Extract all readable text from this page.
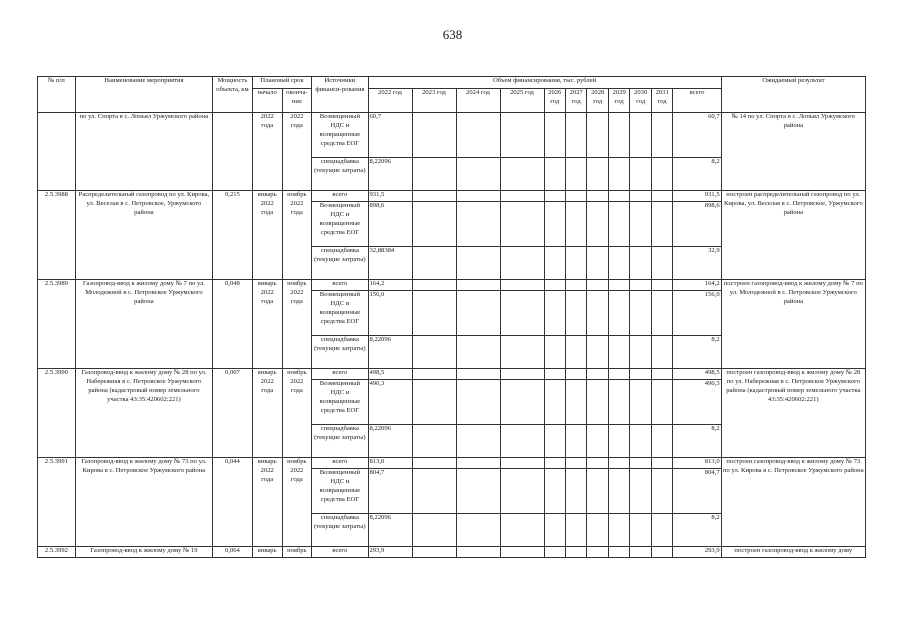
638
№ п/п	Наименование мероприятия	Мощность объекта, км	Плановый срок		Источники финанси-рования	Объем финансирования, тыс. рублей											Ожидаемый результат
			начало	оконча-ние		2022 год	2023 год	2024 год	2025 год	2026 год	2027 год	2028 год	2029 год	2030 год	2031 год	всего	
	по ул. Спорта в с. Лопьял Уржумского района		2022 года	2022 года	Возмещенный НДС и возвращенные средства ЕОГ	60,7										60,7	№ 14 по ул. Спорта в с. Лопьял Уржумского района
					спецнадбавка (текущие затраты)	8,22096										8,2	
2.5.3988	Распределительный газопровод по ул. Кирова, ул. Веселая в с. Петровское, Уржумского района	0,215	январь 2022 года	ноябрь 2022 года	всего	931,5										931,5	построен распределительный газопровод по ул. Кирова, ул. Веселая в с. Петровское, Уржумского района
					Возмещенный НДС и возвращенные средства ЕОГ	898,6										898,6	
					спецнадбавка (текущие затраты)	32,88384										32,9	
2.5.3989	Газопровод-ввод к жилому дому № 7 по ул. Молодежной в с. Петровское Уржумского района	0,048	январь 2022 года	ноябрь 2022 года	всего	164,2										164,2	построен газопровод-ввод к жилому дому № 7 по ул. Молодежной в с. Петровское Уржумского района
					Возмещенный НДС и возвращенные средства ЕОГ	156,0										156,0	
					спецнадбавка (текущие затраты)	8,22096										8,2	
2.5.3990	Газопровод-ввод к жилому дому № 28 по ул. Набережная в с. Петровское Уржумского района (кадастровый номер земельного участка 43:35:420602:221)	0,007	январь 2022 года	ноябрь 2022 года	всего	498,5										498,5	построен газопровод-ввод к жилому дому № 28 по ул. Набережная в с. Петровское Уржумского района (кадастровый номер земельного участка 43:35:420602:221)
					Возмещенный НДС и возвращенные средства ЕОГ	490,3										490,3	
					спецнадбавка (текущие затраты)	8,22096										8,2	
2.5.3991	Газопровод-ввод к жилому дому № 73 по ул. Кирова в с. Петровское Уржумского района	0,044	январь 2022 года	ноябрь 2022 года	всего	813,0										813,0	построен газопровод-ввод к жилому дому № 73 по ул. Кирова в с. Петровское Уржумского района
					Возмещенный НДС и возвращенные средства ЕОГ	804,7										804,7	
					спецнадбавка (текущие затраты)	8,22096										8,2	
2.5.3992	Газопровод-ввод к жилому дому № 19	0,064	январь	ноябрь	всего	293,9										293,9	построен газопровод-ввод к жилому дому
